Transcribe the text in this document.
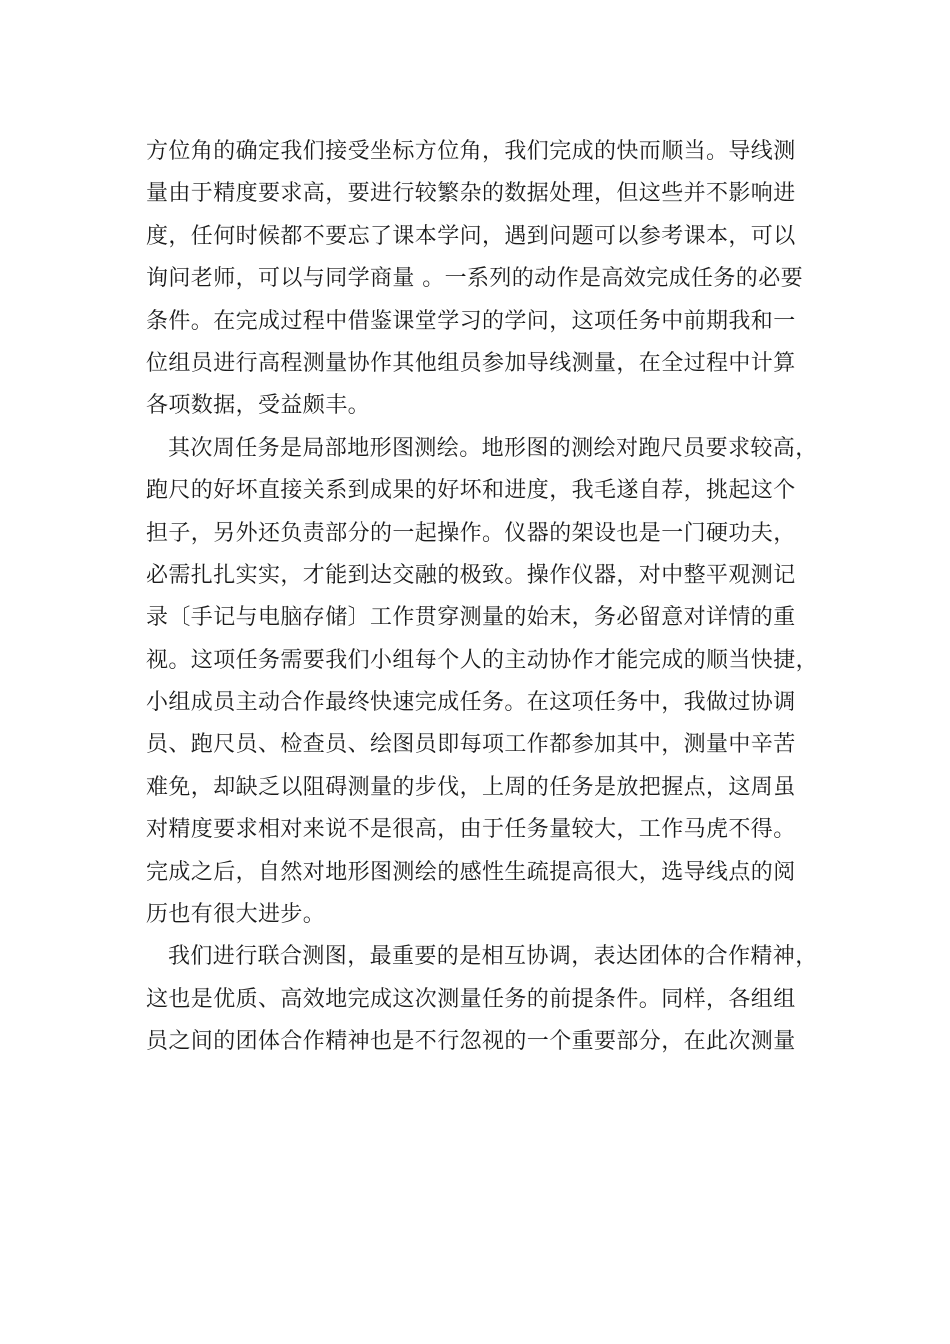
方位角的确定我们接受坐标方位角，我们完成的快而顺当。导线测
量由于精度要求高，要进行较繁杂的数据处理，但这些并不影响进
度，任何时候都不要忘了课本学问，遇到问题可以参考课本，可以
询问老师，可以与同学商量 。一系列的动作是高效完成任务的必要
条件。在完成过程中借鉴课堂学习的学问，这项任务中前期我和一
位组员进行高程测量协作其他组员参加导线测量，在全过程中计算
各项数据，受益颇丰。
其次周任务是局部地形图测绘。地形图的测绘对跑尺员要求较高，
跑尺的好坏直接关系到成果的好坏和进度，我毛遂自荐，挑起这个
担子，另外还负责部分的一起操作。仪器的架设也是一门硬功夫，
必需扎扎实实，才能到达交融的极致。操作仪器，对中整平观测记
录〔手记与电脑存储〕工作贯穿测量的始末，务必留意对详情的重
视。这项任务需要我们小组每个人的主动协作才能完成的顺当快捷，
小组成员主动合作最终快速完成任务。在这项任务中，我做过协调
员、跑尺员、检查员、绘图员即每项工作都参加其中，测量中辛苦
难免，却缺乏以阻碍测量的步伐，上周的任务是放把握点，这周虽
对精度要求相对来说不是很高，由于任务量较大，工作马虎不得。
完成之后，自然对地形图测绘的感性生疏提高很大，选导线点的阅
历也有很大进步。
我们进行联合测图，最重要的是相互协调，表达团体的合作精神，
这也是优质、高效地完成这次测量任务的前提条件。同样，各组组
员之间的团体合作精神也是不行忽视的一个重要部分，在此次测量
